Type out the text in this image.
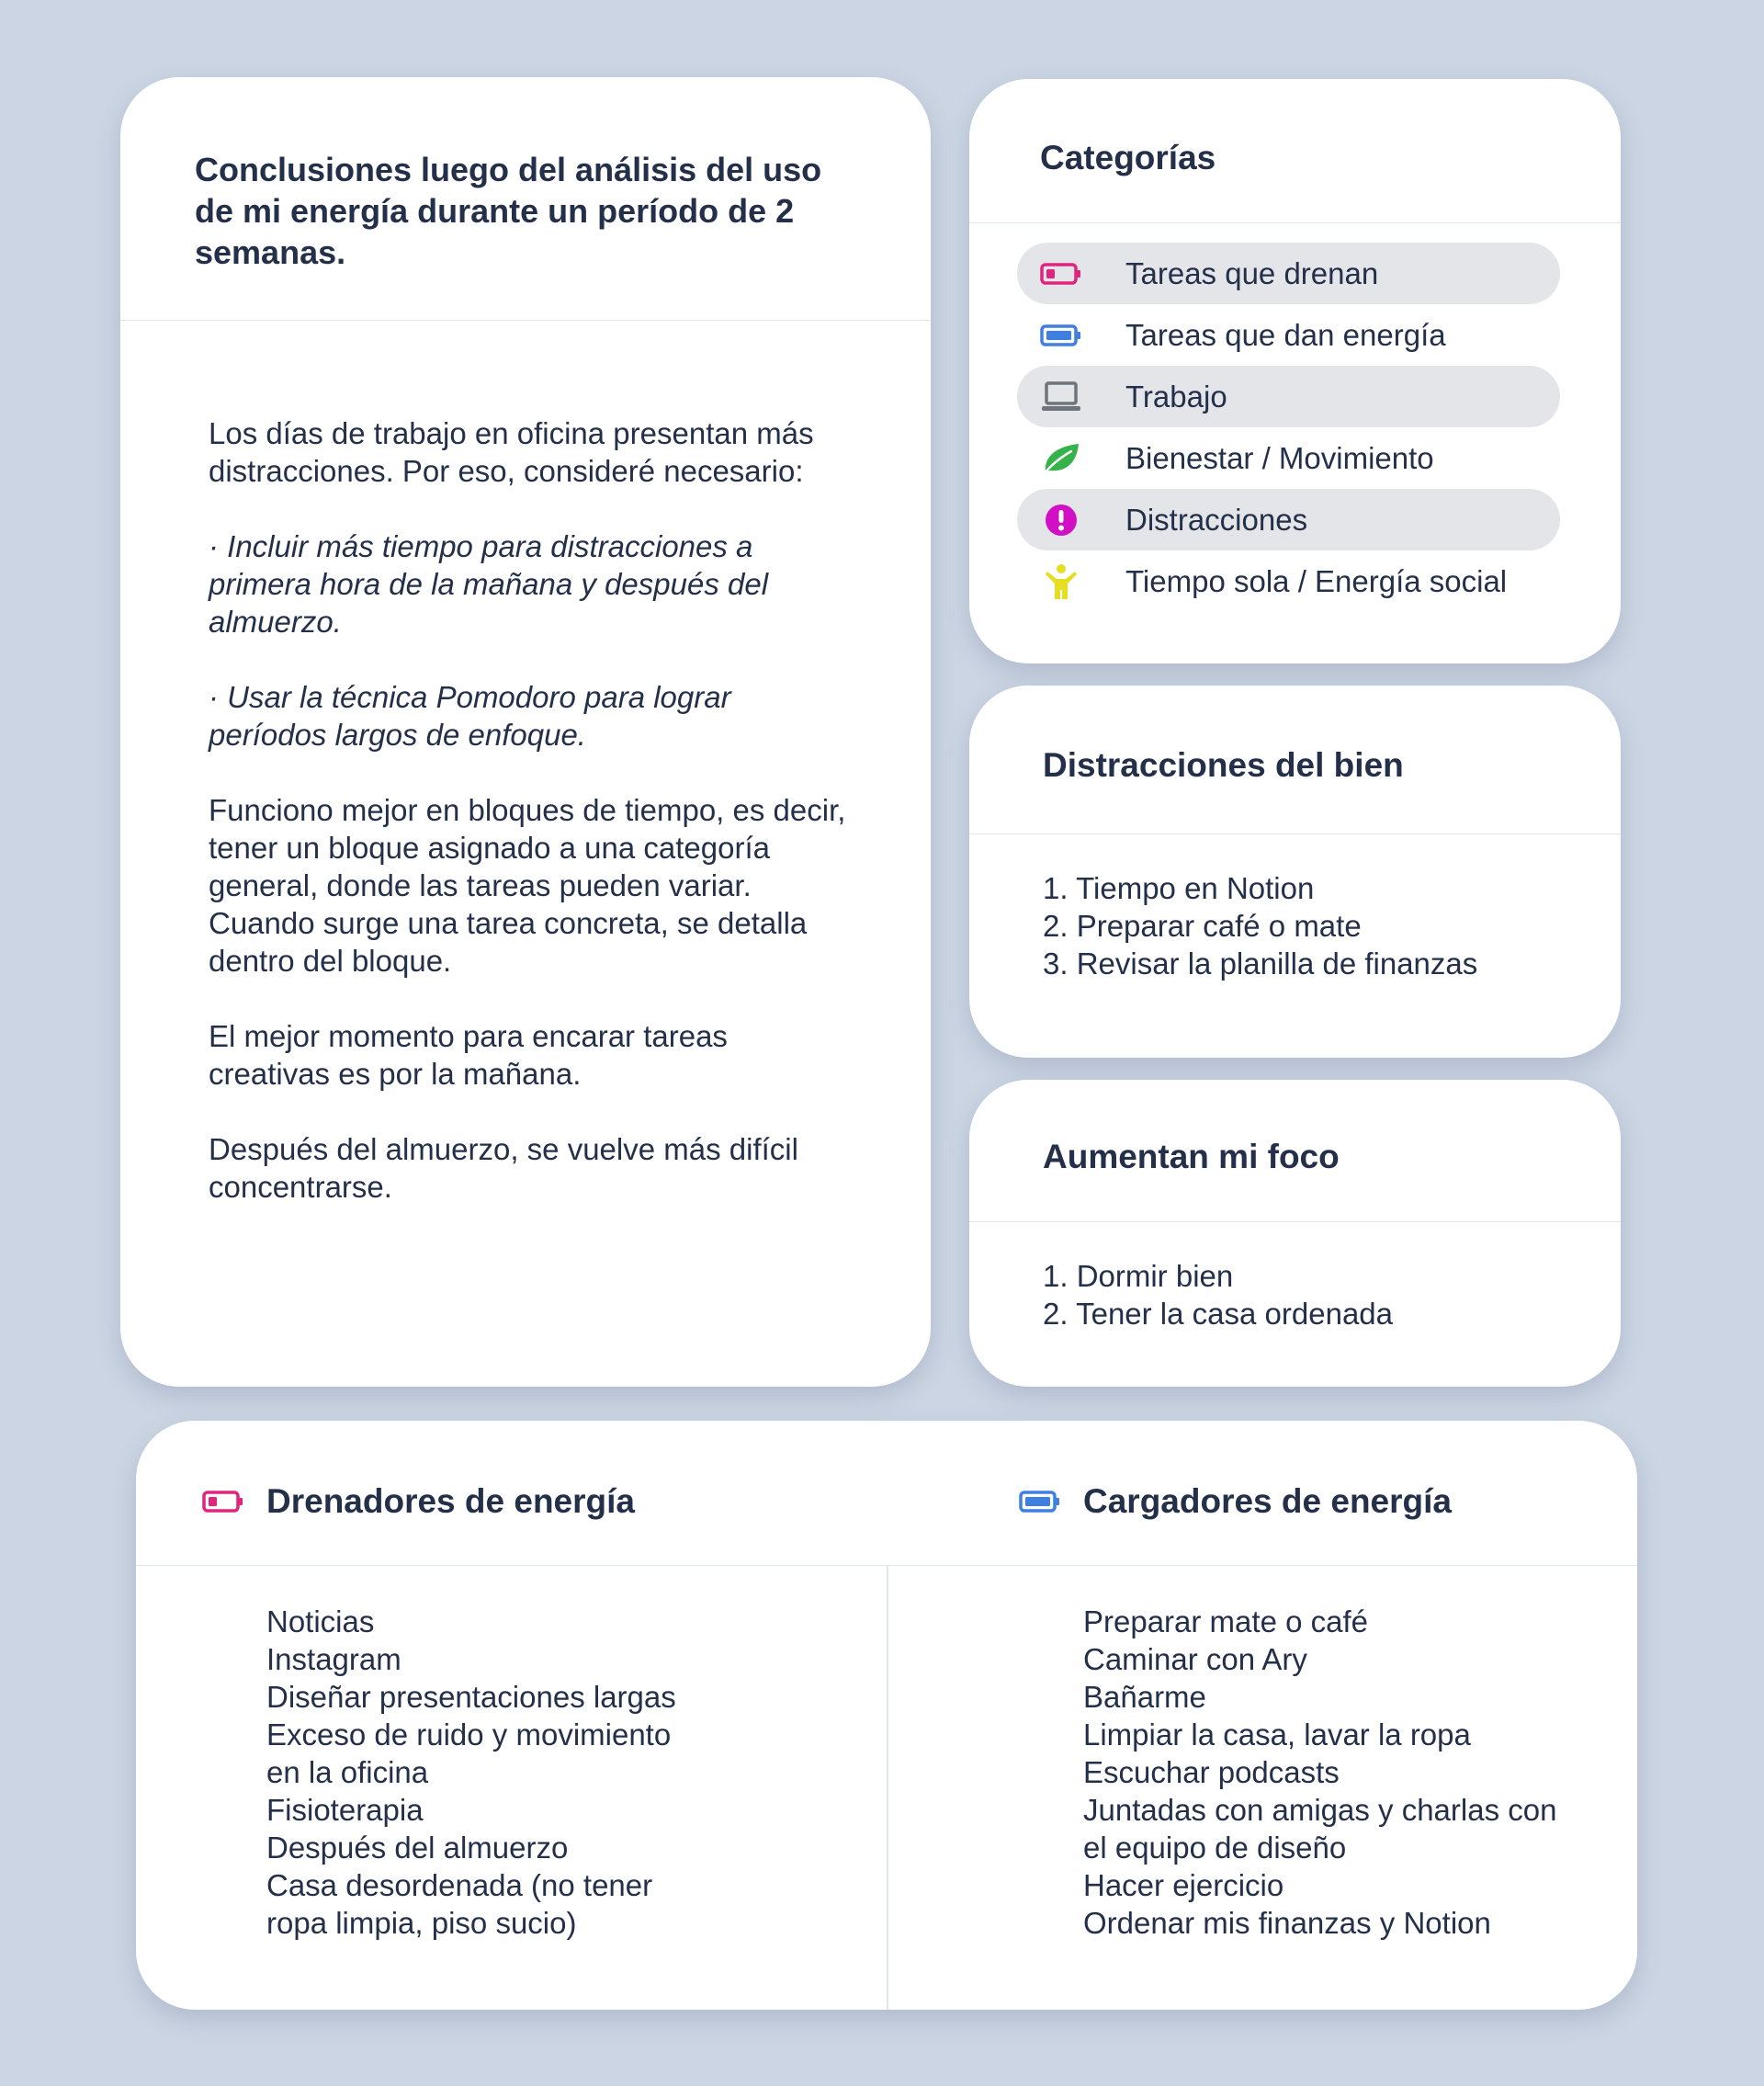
Conclusiones luego del análisis del uso de mi energía durante un período de 2 semanas.

Los días de trabajo en oficina presentan más distracciones. Por eso, consideré necesario:

· Incluir más tiempo para distracciones a primera hora de la mañana y después del almuerzo.

· Usar la técnica Pomodoro para lograr períodos largos de enfoque.

Funciono mejor en bloques de tiempo, es decir, tener un bloque asignado a una categoría general, donde las tareas pueden variar. Cuando surge una tarea concreta, se detalla dentro del bloque.

El mejor momento para encarar tareas creativas es por la mañana.

Después del almuerzo, se vuelve más difícil concentrarse.

Categorías
Tareas que drenan
Tareas que dan energía
Trabajo
Bienestar / Movimiento
Distracciones
Tiempo sola / Energía social
Distracciones del bien
1. Tiempo en Notion
2. Preparar café o mate
3. Revisar la planilla de finanzas
Aumentan mi foco
1. Dormir bien
2. Tener la casa ordenada
Drenadores de energía	Cargadores de energía
Noticias
Instagram
Diseñar presentaciones largas
Exceso de ruido y movimiento
en la oficina
Fisioterapia
Después del almuerzo
Casa desordenada (no tener
ropa limpia, piso sucio)
Preparar mate o café
Caminar con Ary
Bañarme
Limpiar la casa, lavar la ropa
Escuchar podcasts
Juntadas con amigas y charlas con
el equipo de diseño
Hacer ejercicio
Ordenar mis finanzas y Notion
